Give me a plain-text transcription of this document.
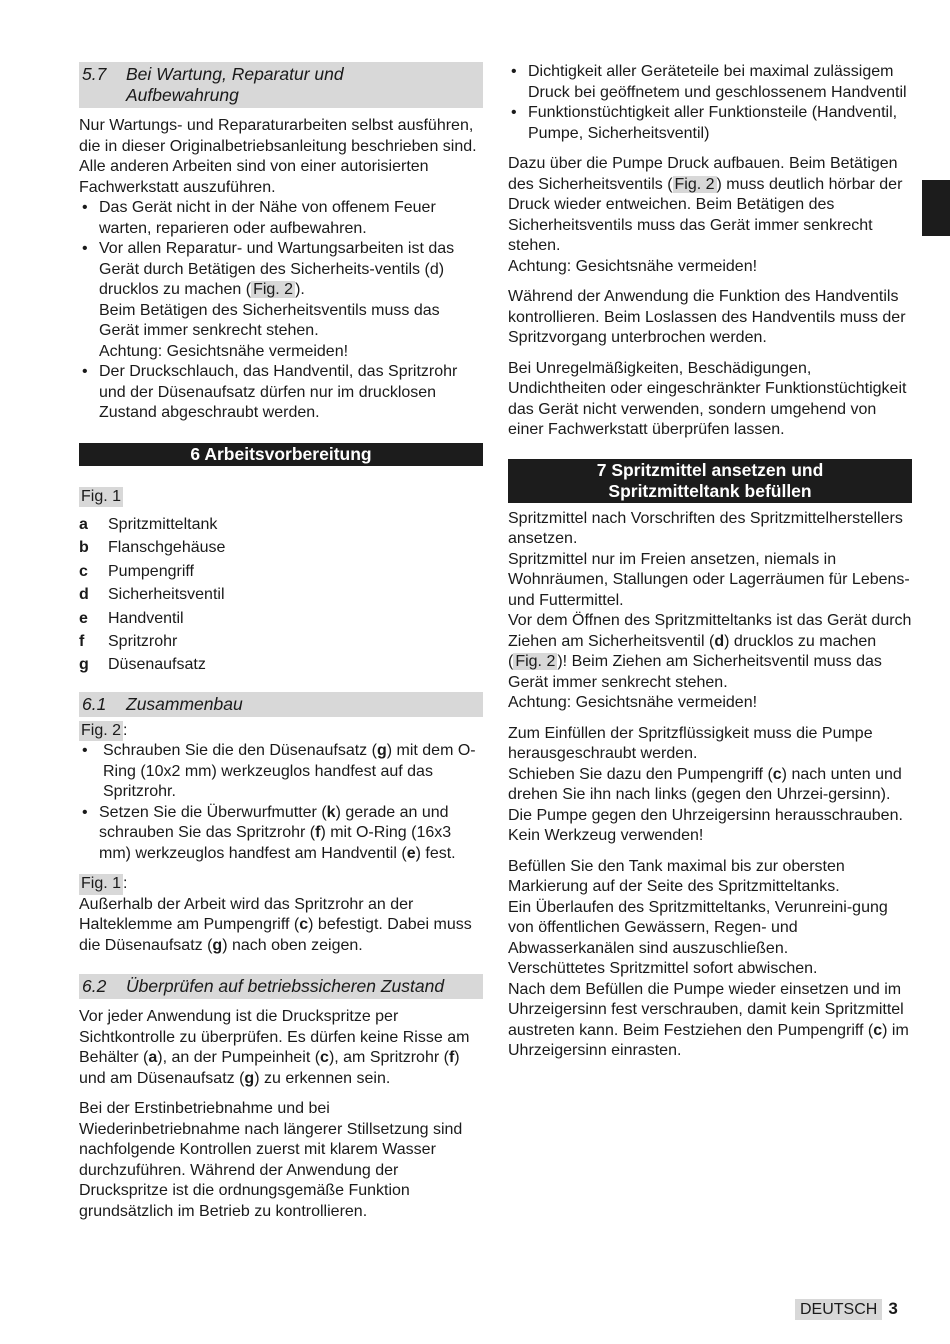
5.7	Bei Wartung, Reparatur und
Aufbewahrung

Nur Wartungs- und Reparaturarbeiten selbst ausführen, die in dieser Originalbetriebsanleitung beschrieben sind. Alle anderen Arbeiten sind von einer autorisierten Fachwerkstatt auszuführen.

• Das Gerät nicht in der Nähe von offenem Feuer warten, reparieren oder aufbewahren.
• Vor allen Reparatur- und Wartungsarbeiten ist das Gerät durch Betätigen des Sicherheits-ventils (d) drucklos zu machen ( Fig. 2 ).
Beim Betätigen des Sicherheitsventils muss das Gerät immer senkrecht stehen.
Achtung: Gesichtsnähe vermeiden!
• Der Druckschlauch, das Handventil, das Spritzrohr und der Düsenaufsatz dürfen nur im drucklosen Zustand abgeschraubt werden.
6 Arbeitsvorbereitung
Fig. 1
a	Spritzmitteltank
b	Flanschgehäuse
c	Pumpengriff
d	Sicherheitsventil
e	Handventil
f	Spritzrohr
g	Düsenaufsatz
6.1	Zusammenbau
Fig. 2 :
• Schrauben Sie die den Düsenaufsatz (g) mit dem O-Ring (10x2 mm) werkzeuglos handfest auf das Spritzrohr.
• Setzen Sie die Überwurfmutter (k) gerade an und schrauben Sie das Spritzrohr (f) mit O-Ring (16x3 mm) werkzeuglos handfest am Handventil (e) fest.
Fig. 1 :

Außerhalb der Arbeit wird das Spritzrohr an der Halteklemme am Pumpengriff (c) befestigt. Dabei muss die Düsenaufsatz (g) nach oben zeigen.

6.2	Überprüfen auf betriebssicheren Zustand

Vor jeder Anwendung ist die Druckspritze per Sichtkontrolle zu überprüfen. Es dürfen keine Risse am Behälter (a), an der Pumpeinheit (c), am Spritzrohr (f) und am Düsenaufsatz (g) zu erkennen sein.

Bei der Erstinbetriebnahme und bei Wiederinbetriebnahme nach längerer Stillsetzung sind nachfolgende Kontrollen zuerst mit klarem Wasser durchzuführen. Während der Anwendung der Druckspritze ist die ordnungsgemäße Funktion grundsätzlich im Betrieb zu kontrollieren.

• Dichtigkeit aller Geräteteile bei maximal zulässigem Druck bei geöffnetem und geschlossenem Handventil
• Funktionstüchtigkeit aller Funktionsteile (Handventil, Pumpe, Sicherheitsventil)

Dazu über die Pumpe Druck aufbauen. Beim Betätigen des Sicherheitsventils ( Fig. 2 ) muss deutlich hörbar der Druck wieder entweichen. Beim Betätigen des Sicherheitsventils muss das Gerät immer senkrecht stehen.
Achtung: Gesichtsnähe vermeiden!

Während der Anwendung die Funktion des Handventils kontrollieren. Beim Loslassen des Handventils muss der Spritzvorgang unterbrochen werden.

Bei Unregelmäßigkeiten, Beschädigungen, Undichtheiten oder eingeschränkter Funktionstüchtigkeit das Gerät nicht verwenden, sondern umgehend von einer Fachwerkstatt überprüfen lassen.

7 Spritzmittel ansetzen und
Spritzmitteltank befüllen

Spritzmittel nach Vorschriften des Spritzmittelherstellers ansetzen.
Spritzmittel nur im Freien ansetzen, niemals in Wohnräumen, Stallungen oder Lagerräumen für Lebens- und Futtermittel.
Vor dem Öffnen des Spritzmitteltanks ist das Gerät durch Ziehen am Sicherheitsventil (d) drucklos zu machen ( Fig. 2 )! Beim Ziehen am Sicherheitsventil muss das Gerät immer senkrecht stehen.
Achtung: Gesichtsnähe vermeiden!

Zum Einfüllen der Spritzflüssigkeit muss die Pumpe herausgeschraubt werden.
Schieben Sie dazu den Pumpengriff (c) nach unten und drehen Sie ihn nach links (gegen den Uhrzei-gersinn). Die Pumpe gegen den Uhrzeigersinn herausschrauben. Kein Werkzeug verwenden!

Befüllen Sie den Tank maximal bis zur obersten Markierung auf der Seite des Spritzmitteltanks.
Ein Überlaufen des Spritzmitteltanks, Verunreini-gung von öffentlichen Gewässern, Regen- und Abwasserkanälen sind auszuschließen.
Verschüttetes Spritzmittel sofort abwischen.
Nach dem Befüllen die Pumpe wieder einsetzen und im Uhrzeigersinn fest verschrauben, damit kein Spritzmittel austreten kann. Beim Festziehen den Pumpengriff (c) im Uhrzeigersinn einrasten.

DEUTSCH 3
